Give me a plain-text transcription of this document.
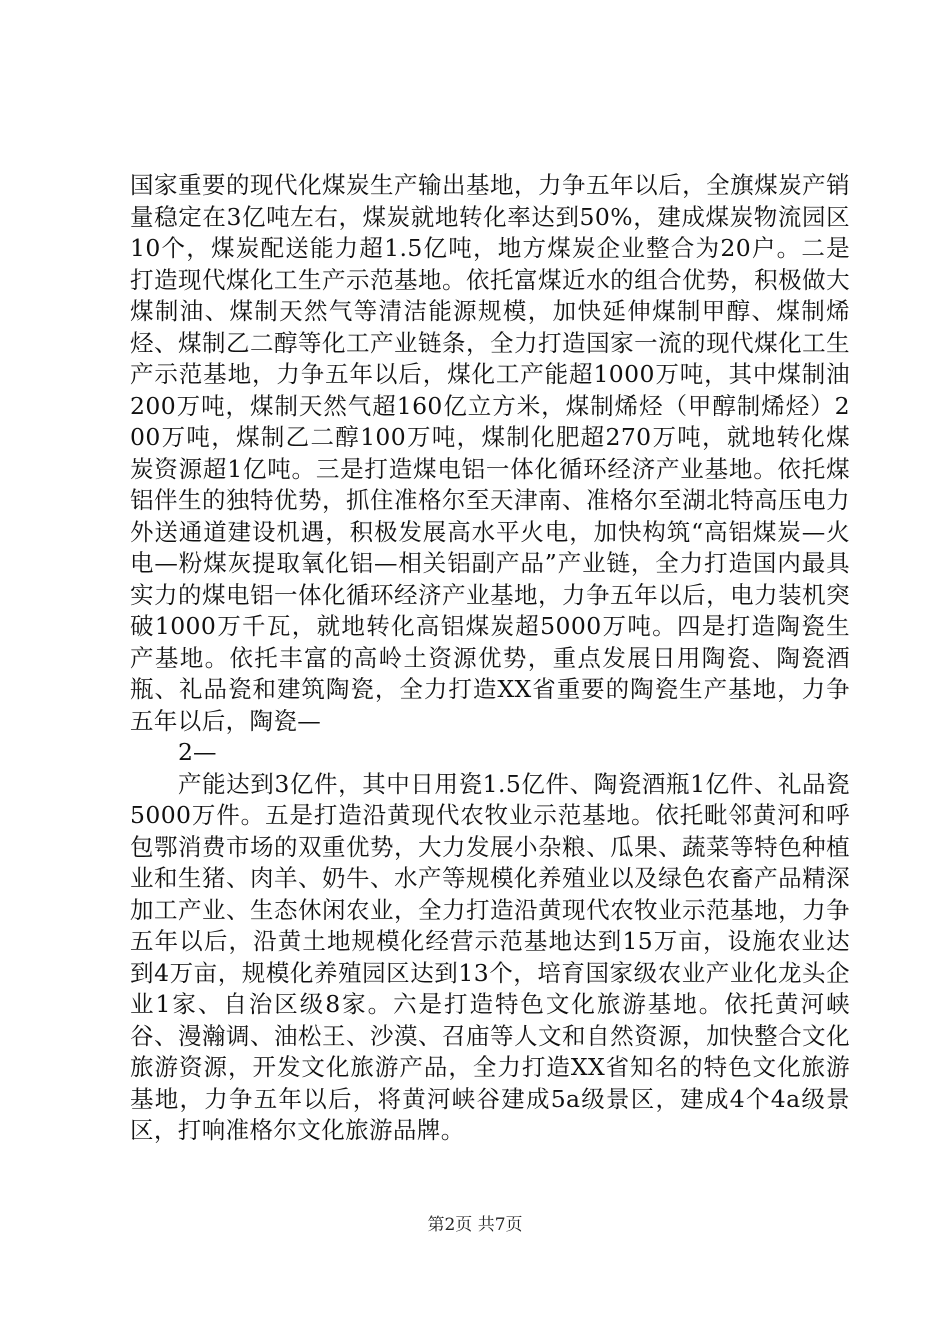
国家重要的现代化煤炭生产输出基地，力争五年以后，全旗煤炭产销量稳定在3亿吨左右，煤炭就地转化率达到50%，建成煤炭物流园区10个，煤炭配送能力超1.5亿吨，地方煤炭企业整合为20户。二是打造现代煤化工生产示范基地。依托富煤近水的组合优势，积极做大煤制油、煤制天然气等清洁能源规模，加快延伸煤制甲醇、煤制烯烃、煤制乙二醇等化工产业链条，全力打造国家一流的现代煤化工生产示范基地，力争五年以后，煤化工产能超1000万吨，其中煤制油200万吨，煤制天然气超160亿立方米，煤制烯烃（甲醇制烯烃）200万吨，煤制乙二醇100万吨，煤制化肥超270万吨，就地转化煤炭资源超1亿吨。三是打造煤电铝一体化循环经济产业基地。依托煤铝伴生的独特优势，抓住准格尔至天津南、准格尔至湖北特高压电力外送通道建设机遇，积极发展高水平火电，加快构筑“高铝煤炭—火电—粉煤灰提取氧化铝—相关铝副产品”产业链，全力打造国内最具实力的煤电铝一体化循环经济产业基地，力争五年以后，电力装机突破1000万千瓦，就地转化高铝煤炭超5000万吨。四是打造陶瓷生产基地。依托丰富的高岭土资源优势，重点发展日用陶瓷、陶瓷酒瓶、礼品瓷和建筑陶瓷，全力打造XX省重要的陶瓷生产基地，力争五年以后，陶瓷—

2—

产能达到3亿件，其中日用瓷1.5亿件、陶瓷酒瓶1亿件、礼品瓷5000万件。五是打造沿黄现代农牧业示范基地。依托毗邻黄河和呼包鄂消费市场的双重优势，大力发展小杂粮、瓜果、蔬菜等特色种植业和生猪、肉羊、奶牛、水产等规模化养殖业以及绿色农畜产品精深加工产业、生态休闲农业，全力打造沿黄现代农牧业示范基地，力争五年以后，沿黄土地规模化经营示范基地达到15万亩，设施农业达到4万亩，规模化养殖园区达到13个，培育国家级农业产业化龙头企业1家、自治区级8家。六是打造特色文化旅游基地。依托黄河峡谷、漫瀚调、油松王、沙漠、召庙等人文和自然资源，加快整合文化旅游资源，开发文化旅游产品，全力打造XX省知名的特色文化旅游基地，力争五年以后，将黄河峡谷建成5a级景区，建成4个4a级景区，打响准格尔文化旅游品牌。

第2页 共7页
